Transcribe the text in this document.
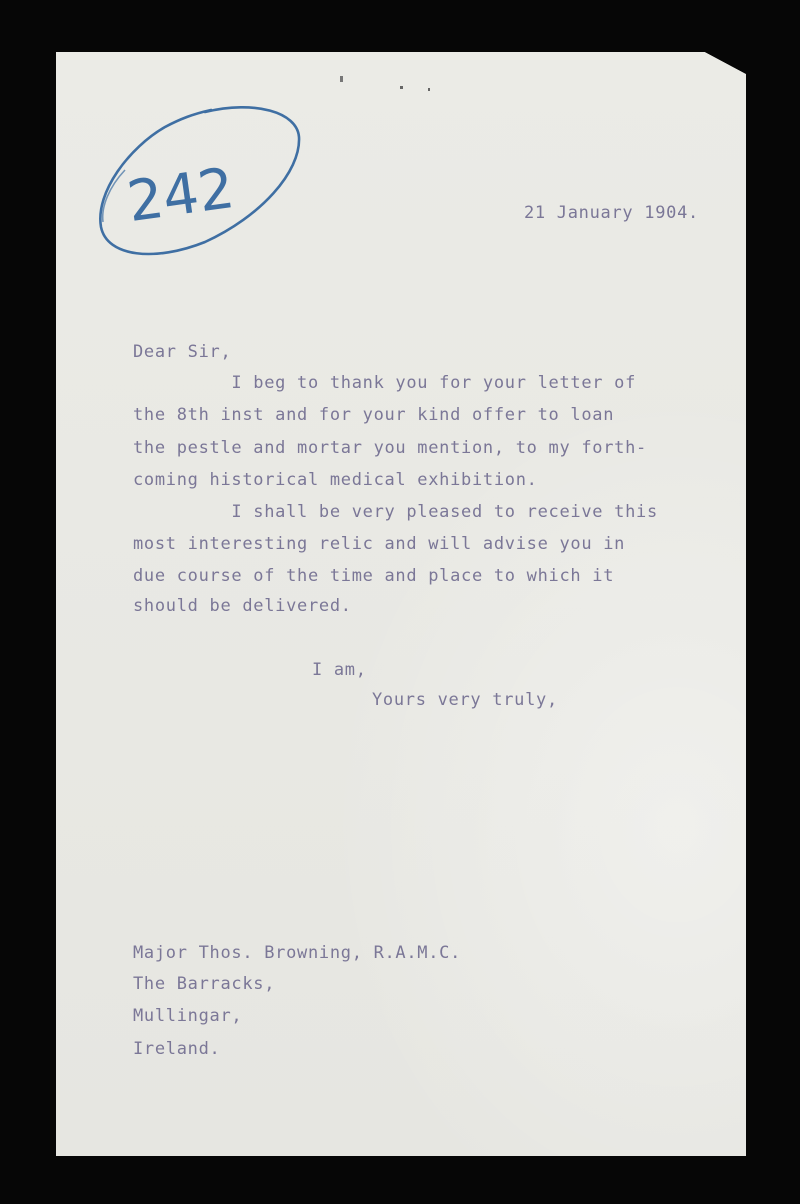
242	21 January 1904.
Dear Sir,
I beg to thank you for your letter of
the 8th inst and for your kind offer to loan
the pestle and mortar you mention, to my forth-
coming historical medical exhibition.
I shall be very pleased to receive this
most interesting relic and will advise you in
due course of the time and place to which it
should be delivered.
I am,
Yours very truly,
Major Thos. Browning, R.A.M.C.
The Barracks,
Mullingar,
Ireland.
